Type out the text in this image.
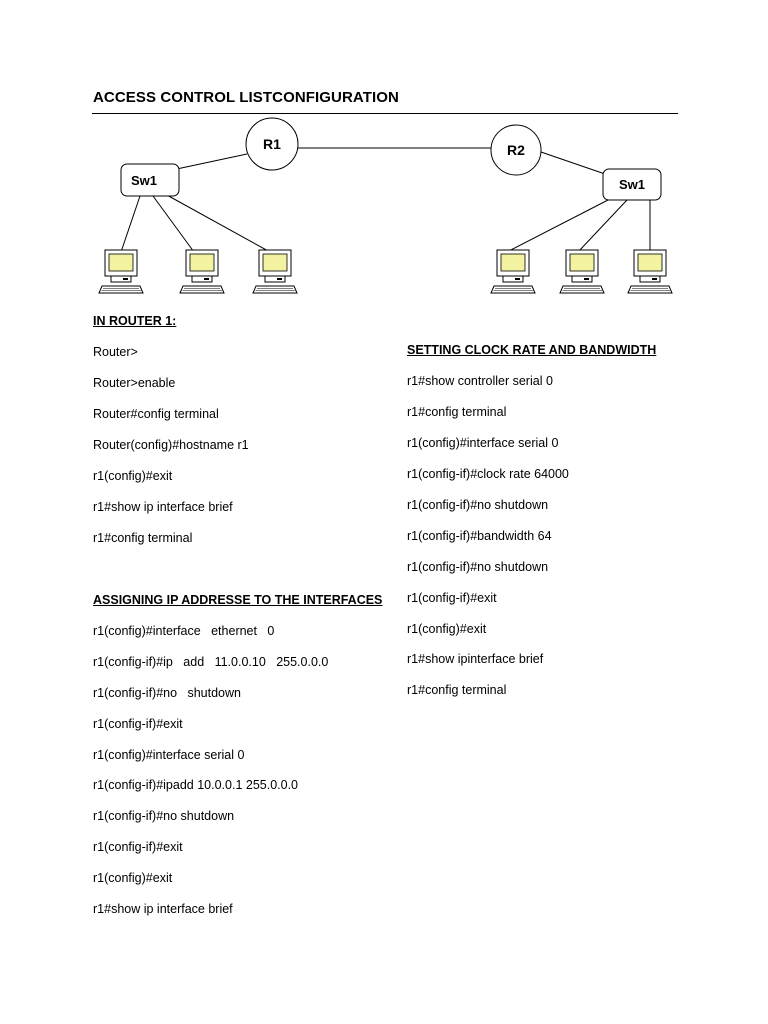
ACCESS CONTROL LISTCONFIGURATION
R1	R2
Sw1	Sw1
IN ROUTER 1:
Router>
Router>enable
Router#config terminal
Router(config)#hostname r1
r1(config)#exit
r1#show ip interface brief
r1#config terminal
ASSIGNING IP ADDRESSE TO THE INTERFACES
r1(config)#interface   ethernet   0
r1(config-if)#ip   add   11.0.0.10   255.0.0.0
r1(config-if)#no   shutdown
r1(config-if)#exit
r1(config)#interface serial 0
r1(config-if)#ipadd 10.0.0.1 255.0.0.0
r1(config-if)#no shutdown
r1(config-if)#exit
r1(config)#exit
r1#show ip interface brief
SETTING CLOCK RATE AND BANDWIDTH
r1#show controller serial 0
r1#config terminal
r1(config)#interface serial 0
r1(config-if)#clock rate 64000
r1(config-if)#no shutdown
r1(config-if)#bandwidth 64
r1(config-if)#no shutdown
r1(config-if)#exit
r1(config)#exit
r1#show ipinterface brief
r1#config terminal
